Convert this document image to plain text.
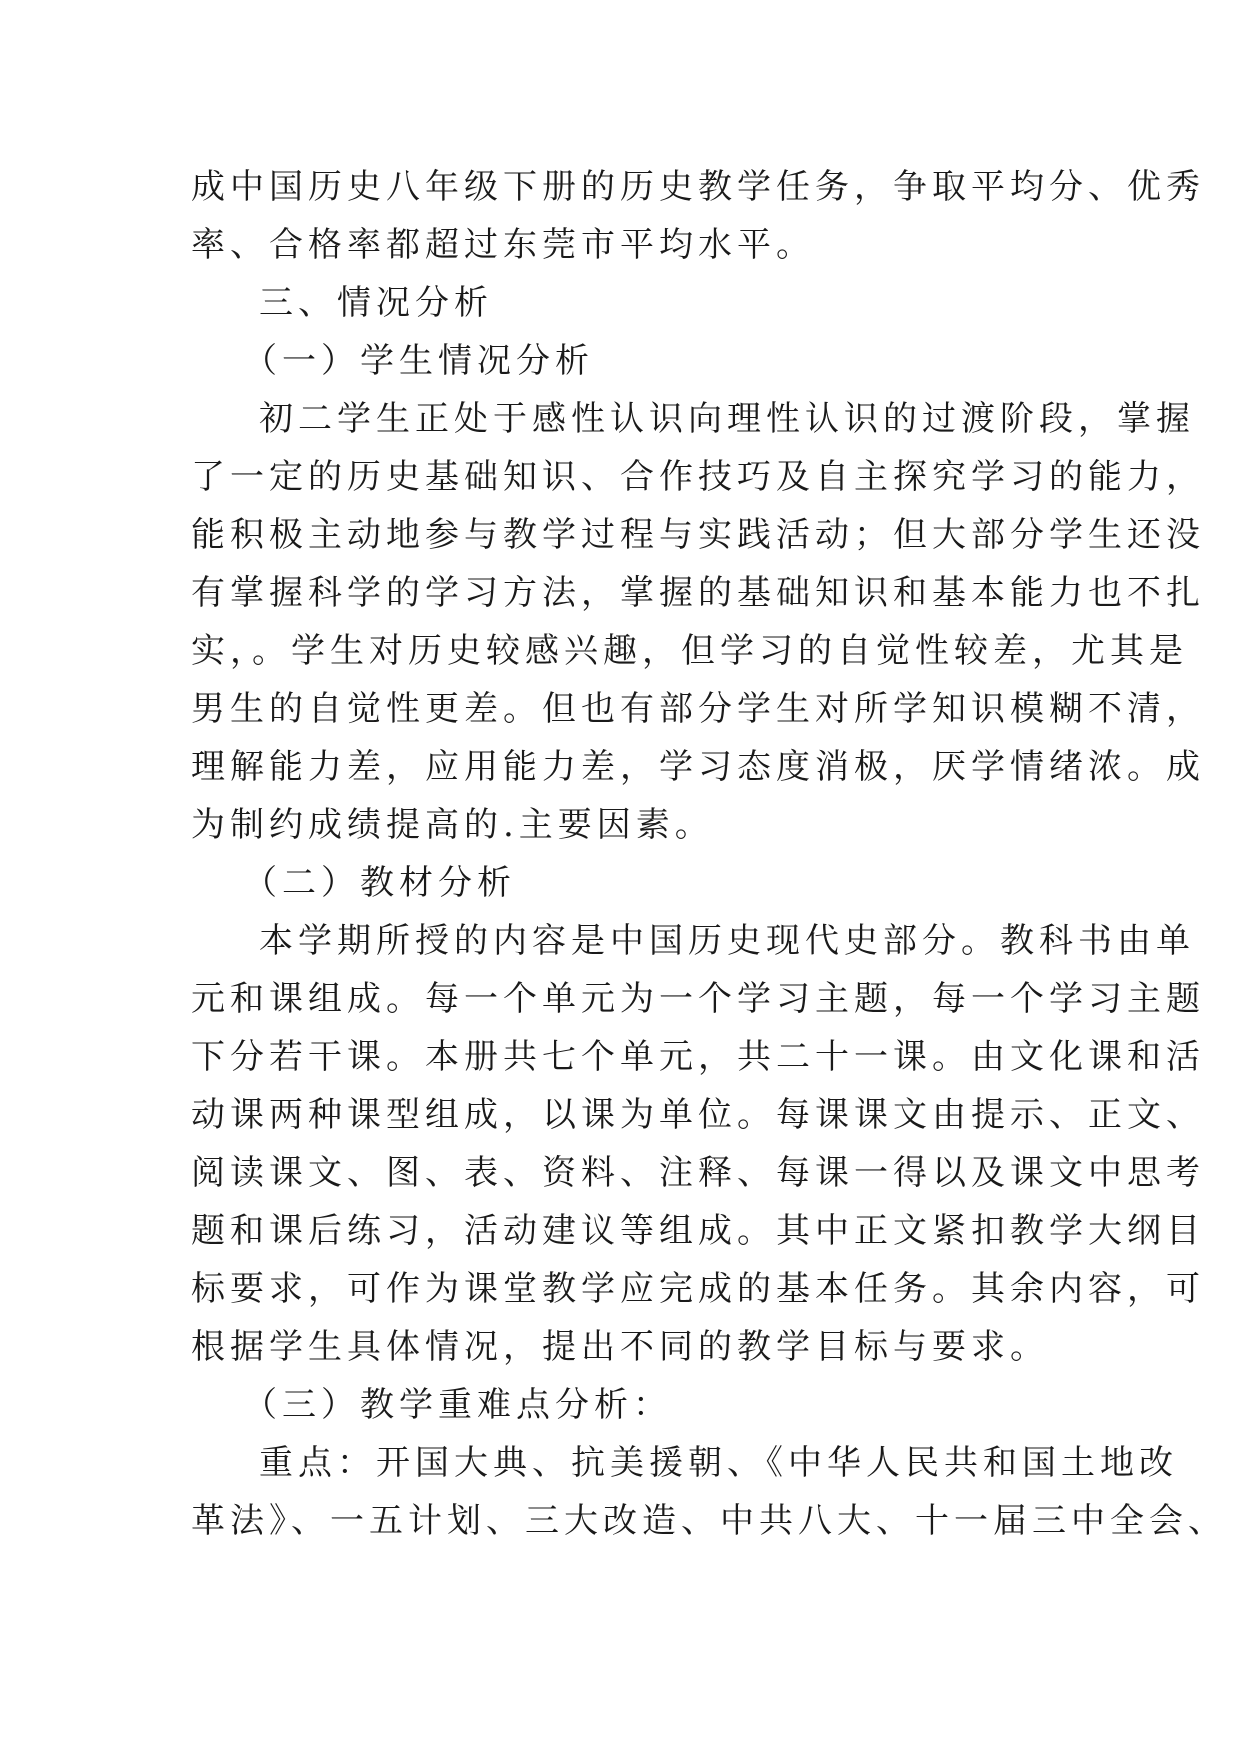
成中国历史八年级下册的历史教学任务，争取平均分、优秀
率、合格率都超过东莞市平均水平。
三、情况分析
（一）学生情况分析
初二学生正处于感性认识向理性认识的过渡阶段，掌握
了一定的历史基础知识、合作技巧及自主探究学习的能力，
能积极主动地参与教学过程与实践活动；但大部分学生还没
有掌握科学的学习方法，掌握的基础知识和基本能力也不扎
实，。学生对历史较感兴趣，但学习的自觉性较差，尤其是
男生的自觉性更差。但也有部分学生对所学知识模糊不清，
理解能力差，应用能力差，学习态度消极，厌学情绪浓。成
为制约成绩提高的.主要因素。
（二）教材分析
本学期所授的内容是中国历史现代史部分。教科书由单
元和课组成。每一个单元为一个学习主题，每一个学习主题
下分若干课。本册共七个单元，共二十一课。由文化课和活
动课两种课型组成，以课为单位。每课课文由提示、正文、
阅读课文、图、表、资料、注释、每课一得以及课文中思考
题和课后练习，活动建议等组成。其中正文紧扣教学大纲目
标要求，可作为课堂教学应完成的基本任务。其余内容，可
根据学生具体情况，提出不同的教学目标与要求。
（三）教学重难点分析：
重点：开国大典、抗美援朝、《中华人民共和国土地改
革法》、一五计划、三大改造、中共八大、十一届三中全会、
